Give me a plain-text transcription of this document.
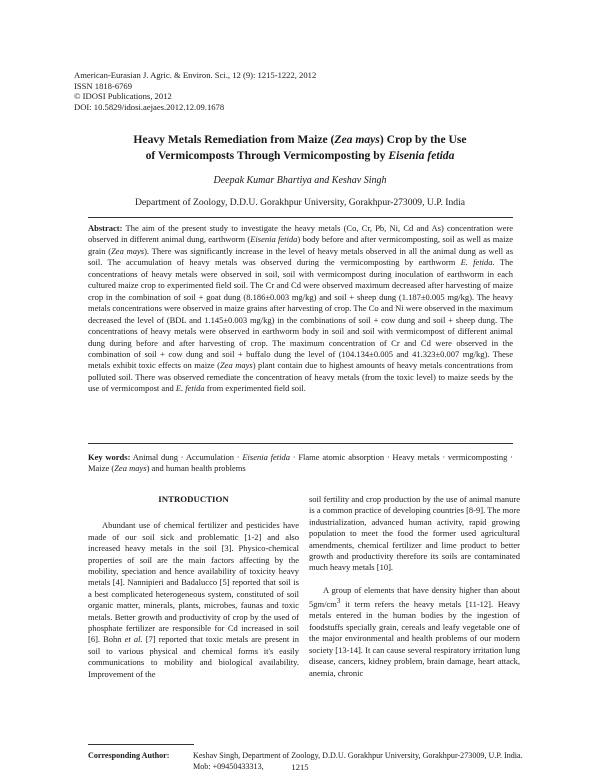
American-Eurasian J. Agric. & Environ. Sci., 12 (9): 1215-1222, 2012
ISSN 1818-6769
© IDOSI Publications, 2012
DOI: 10.5829/idosi.aejaes.2012.12.09.1678
Heavy Metals Remediation from Maize (Zea mays) Crop by the Use
of Vermicomposts Through Vermicomposting by Eisenia fetida
Deepak Kumar Bhartiya and Keshav Singh
Department of Zoology, D.D.U. Gorakhpur University, Gorakhpur-273009, U.P. India
Abstract: The aim of the present study to investigate the heavy metals (Co, Cr, Pb, Ni, Cd and As) concentration were observed in different animal dung, earthworm (Eisenia fetida) body before and after vermicomposting, soil as well as maize grain (Zea mays). There was significantly increase in the level of heavy metals observed in all the animal dung as well as soil. The accumulation of heavy metals was observed during the vermicomposting by earthworm E. fetida. The concentrations of heavy metals were observed in soil, soil with vermicompost during inoculation of earthworm in each cultured maize crop to experimented field soil. The Cr and Cd were observed maximum decreased after harvesting of maize crop in the combination of soil + goat dung (8.186±0.003 mg/kg) and soil + sheep dung (1.187±0.005 mg/kg). The heavy metals concentrations were observed in maize grains after harvesting of crop. The Co and Ni were observed in the maximum decreased the level of (BDL and 1.145±0.003 mg/kg) in the combinations of soil + cow dung and soil + sheep dung. The concentrations of heavy metals were observed in earthworm body in soil and soil with vermicompost of different animal dung during before and after harvesting of crop. The maximum concentration of Cr and Cd were observed in the combination of soil + cow dung and soil + buffalo dung the level of (104.134±0.005 and 41.323±0.007 mg/kg). These metals exhibit toxic effects on maize (Zea mays) plant contain due to highest amounts of heavy metals concentrations from polluted soil. There was observed remediate the concentration of heavy metals (from the toxic level) to maize seeds by the use of vermicompost and E. fetida from experimented field soil.
Key words: Animal dung · Accumulation · Eisenia fetida · Flame atomic absorption · Heavy metals · vermicomposting · Maize (Zea mays) and human health problems
INTRODUCTION

Abundant use of chemical fertilizer and pesticides have made of our soil sick and problematic [1-2] and also increased heavy metals in the soil [3]. Physico-chemical properties of soil are the main factors affecting by the mobility, speciation and hence availability of toxicity heavy metals [4]. Nannipieri and Badalucco [5] reported that soil is a best complicated heterogeneous system, constituted of soil organic matter, minerals, plants, microbes, faunas and toxic metals. Better growth and productivity of crop by the used of phosphate fertilizer are responsible for Cd increased in soil [6]. Bohn et al. [7] reported that toxic metals are present in soil to various physical and chemical forms it's easily communications to mobility and biological availability. Improvement of the

soil fertility and crop production by the use of animal manure is a common practice of developing countries [8-9]. The more industrialization, advanced human activity, rapid growing population to meet the food the former used agricultural amendments, chemical fertilizer and lime product to better growth and productivity therefore its soils are contaminated much heavy metals [10].

A group of elements that have density higher than about $5gm/cm^3$ it term refers the heavy metals [11-12]. Heavy metals entered in the human bodies by the ingestion of foodstuffs specially grain, cereals and leafy vegetable one of the major environmental and health problems of our modern society [13-14]. It can cause several respiratory irritation lung disease, cancers, kidney problem, brain damage, heart attack, anemia, chronic

Corresponding Author:	Keshav Singh, Department of Zoology, D.D.U. Gorakhpur University, Gorakhpur-273009, U.P. India. Mob: +09450433313,	1215
